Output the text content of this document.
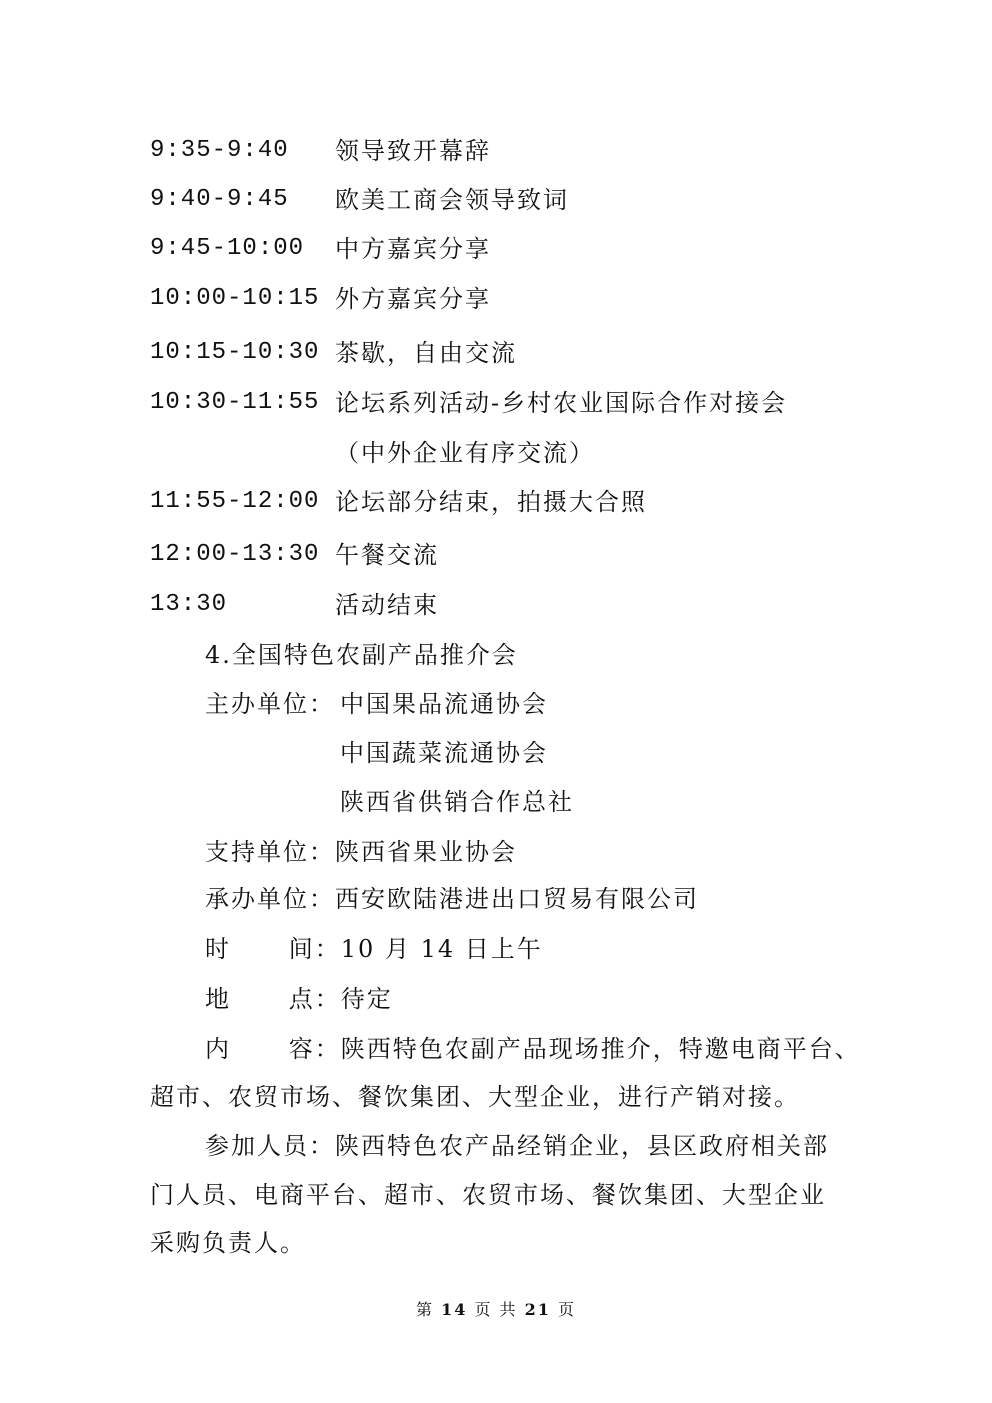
9:35-9:40 领导致开幕辞
9:40-9:45 欧美工商会领导致词
9:45-10:00 中方嘉宾分享
10:00-10:15 外方嘉宾分享
10:15-10:30 茶歇，自由交流
10:30-11:55 论坛系列活动-乡村农业国际合作对接会
（中外企业有序交流）
11:55-12:00 论坛部分结束，拍摄大合照
12:00-13:30 午餐交流
13:30	活动结束
4.全国特色农副产品推介会
主办单位： 中国果品流通协会
中国蔬菜流通协会
陕西省供销合作总社
支持单位：陕西省果业协会
承办单位：西安欧陆港进出口贸易有限公司
时      间：10 月 14 日上午
地      点：待定
内      容：陕西特色农副产品现场推介，特邀电商平台、
超市、农贸市场、餐饮集团、大型企业，进行产销对接。
参加人员：陕西特色农产品经销企业，县区政府相关部
门人员、电商平台、超市、农贸市场、餐饮集团、大型企业
采购负责人。
第 14 页 共 21 页
